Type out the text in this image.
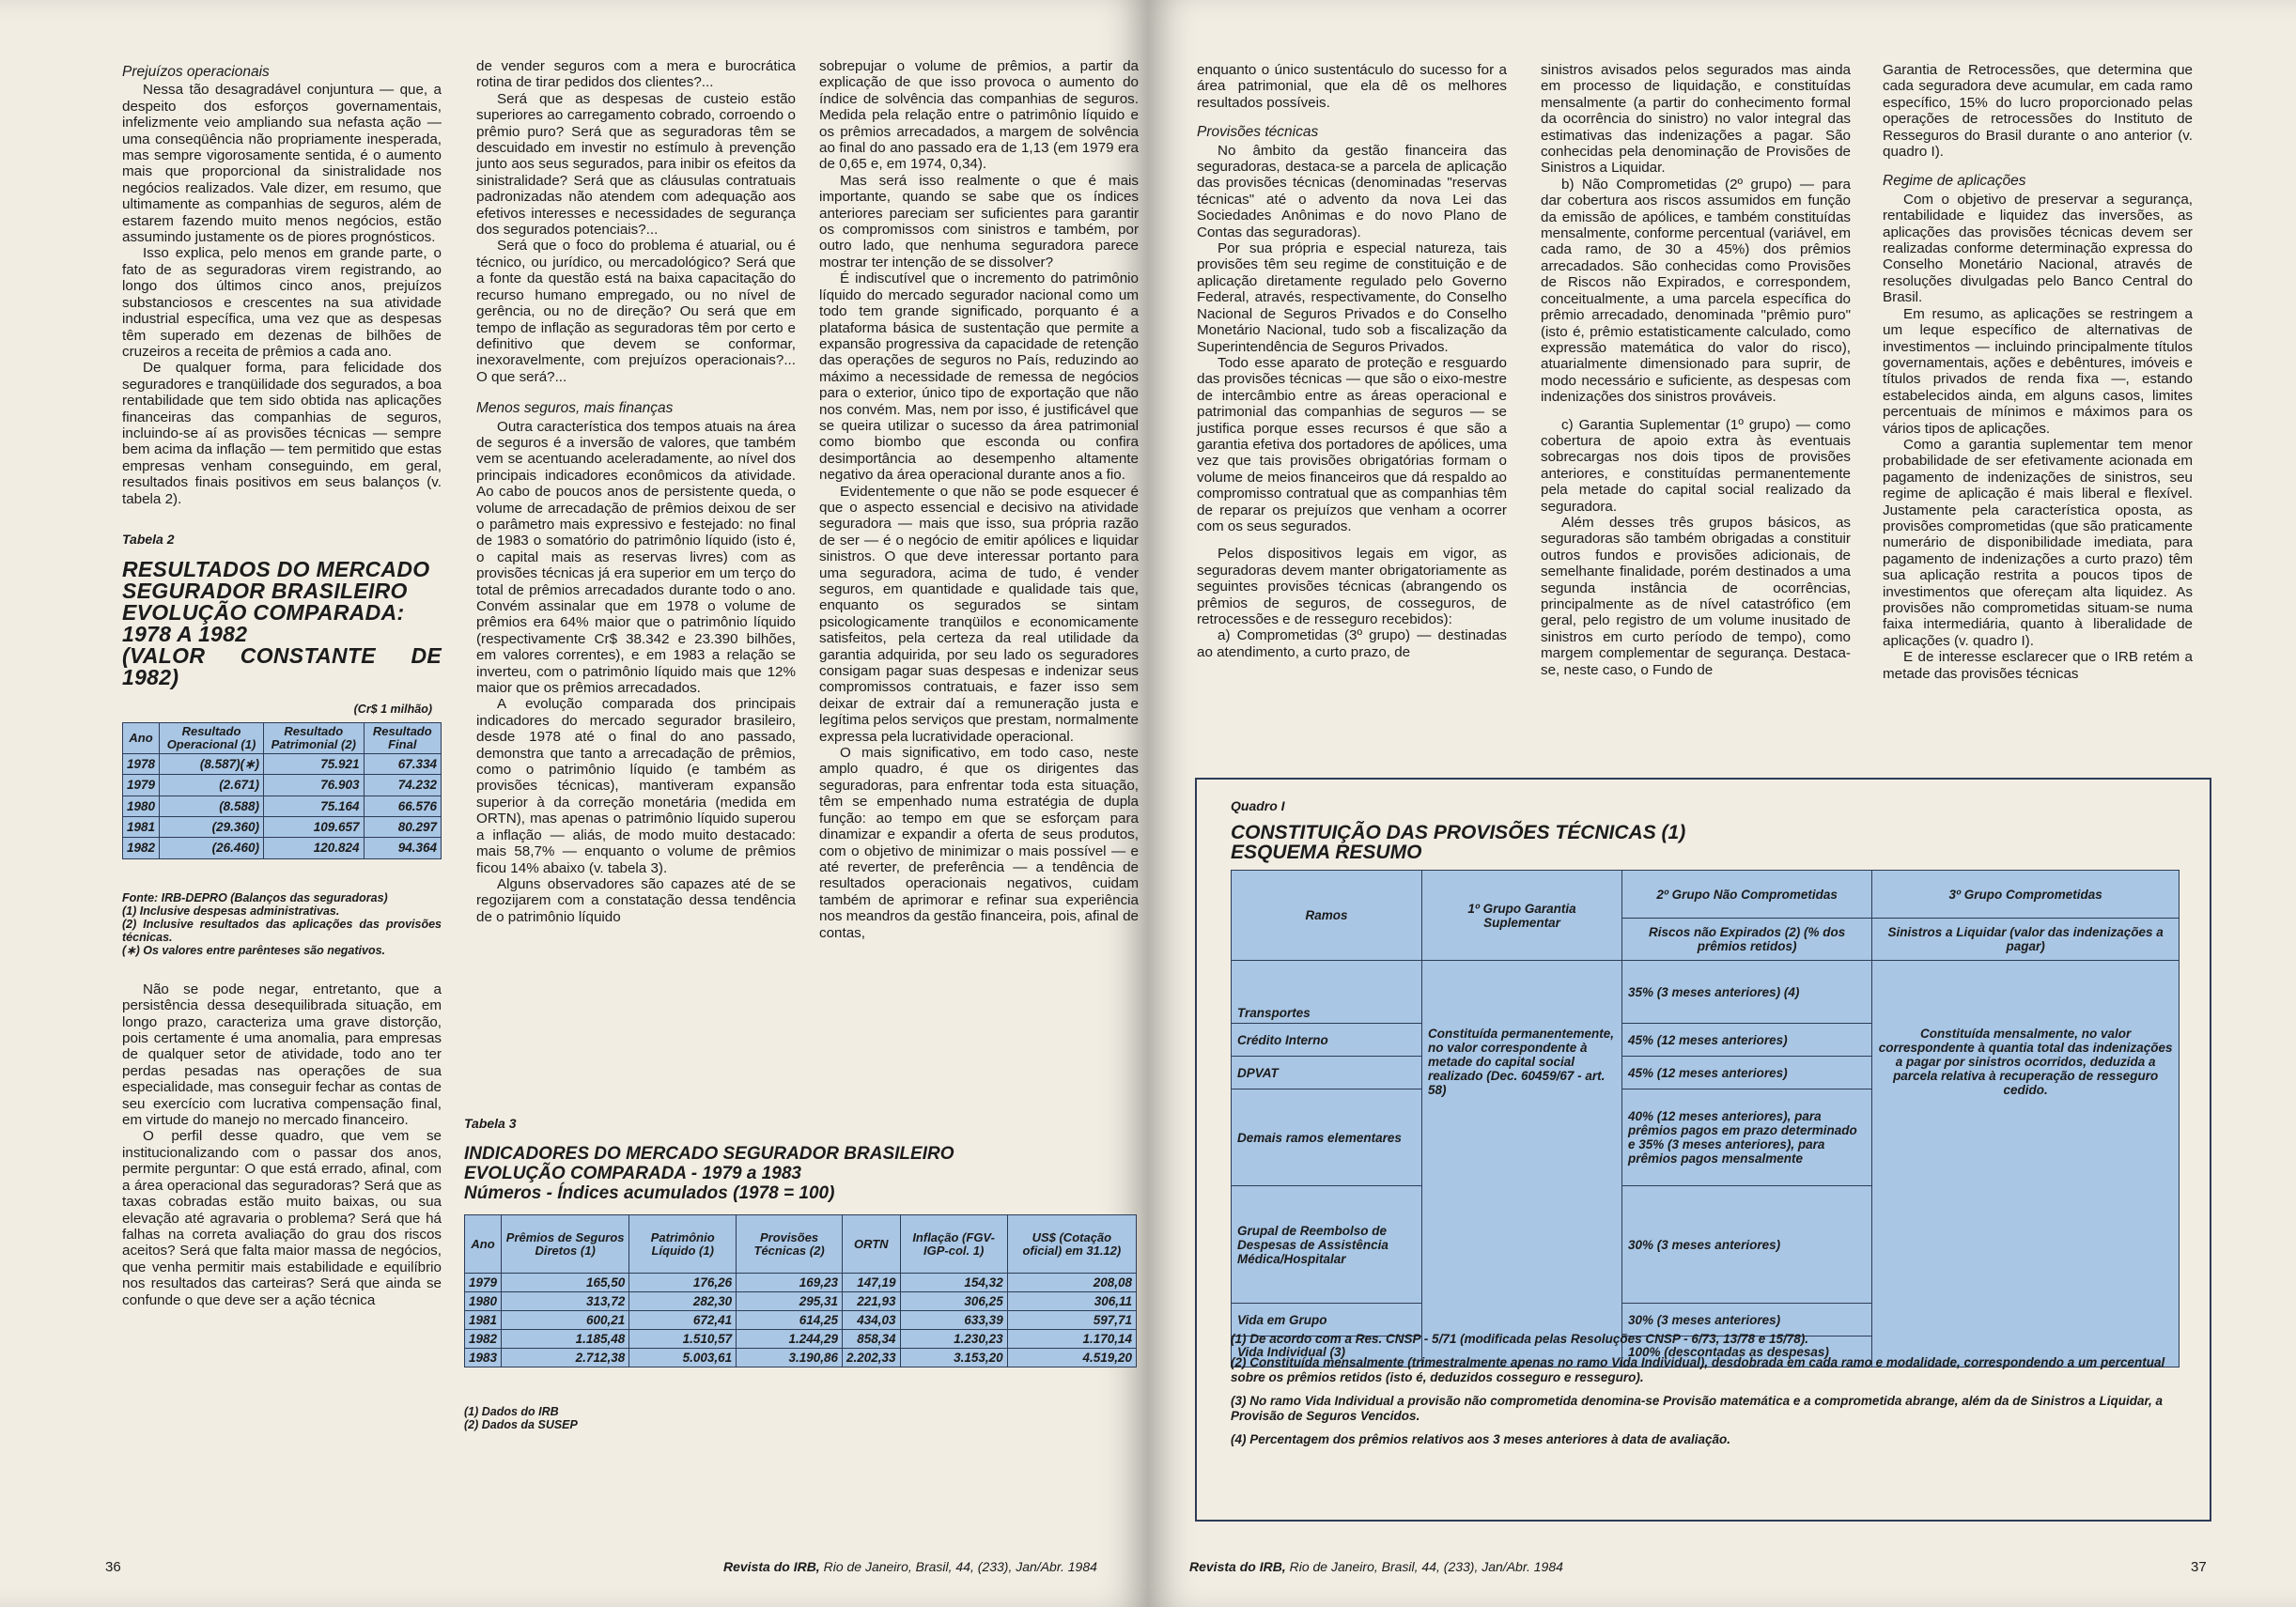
Prejuízos operacionais

Nessa tão desagradável conjuntura — que, a despeito dos esforços governamentais, infelizmente veio ampliando sua nefasta ação — uma conseqüência não propriamente inesperada, mas sempre vigorosamente sentida, é o aumento mais que proporcional da sinistralidade nos negócios realizados. Vale dizer, em resumo, que ultimamente as companhias de seguros, além de estarem fazendo muito menos negócios, estão assumindo justamente os de piores prognósticos.

Isso explica, pelo menos em grande parte, o fato de as seguradoras virem registrando, ao longo dos últimos cinco anos, prejuízos substanciosos e crescentes na sua atividade industrial específica, uma vez que as despesas têm superado em dezenas de bilhões de cruzeiros a receita de prêmios a cada ano.

De qualquer forma, para felicidade dos seguradores e tranqüilidade dos segurados, a boa rentabilidade que tem sido obtida nas aplicações financeiras das companhias de seguros, incluindo-se aí as provisões técnicas — sempre bem acima da inflação — tem permitido que estas empresas venham conseguindo, em geral, resultados finais positivos em seus balanços (v. tabela 2).

Tabela 2
RESULTADOS DO MERCADO
SEGURADOR BRASILEIRO
EVOLUÇÃO COMPARADA:
1978 A 1982
(VALOR CONSTANTE DE 1982)
(Cr$ 1 milhão)
Ano	Resultado Operacional (1)	Resultado Patrimonial (2)	Resultado Final
1978	(8.587)(∗)	75.921	67.334
1979	(2.671)	76.903	74.232
1980	(8.588)	75.164	66.576
1981	(29.360)	109.657	80.297
1982	(26.460)	120.824	94.364
Fonte: IRB-DEPRO (Balanços das seguradoras)
(1) Inclusive despesas administrativas.
(2) Inclusive resultados das aplicações das provisões técnicas.
(∗) Os valores entre parênteses são negativos.

Não se pode negar, entretanto, que a persistência dessa desequilibrada situação, em longo prazo, caracteriza uma grave distorção, pois certamente é uma anomalia, para empresas de qualquer setor de atividade, todo ano ter perdas pesadas nas operações de sua especialidade, mas conseguir fechar as contas de seu exercício com lucrativa compensação final, em virtude do manejo no mercado financeiro.

O perfil desse quadro, que vem se institucionalizando com o passar dos anos, permite perguntar: O que está errado, afinal, com a área operacional das seguradoras? Será que as taxas cobradas estão muito baixas, ou sua elevação até agravaria o problema? Será que há falhas na correta avaliação do grau dos riscos aceitos? Será que falta maior massa de negócios, que venha permitir mais estabilidade e equilíbrio nos resultados das carteiras? Será que ainda se confunde o que deve ser a ação técnica

de vender seguros com a mera e burocrática rotina de tirar pedidos dos clientes?...

Será que as despesas de custeio estão superiores ao carregamento cobrado, corroendo o prêmio puro? Será que as seguradoras têm se descuidado em investir no estímulo à prevenção junto aos seus segurados, para inibir os efeitos da sinistralidade? Será que as cláusulas contratuais padronizadas não atendem com adequação aos efetivos interesses e necessidades de segurança dos segurados potenciais?...

Será que o foco do problema é atuarial, ou é técnico, ou jurídico, ou mercadológico? Será que a fonte da questão está na baixa capacitação do recurso humano empregado, ou no nível de gerência, ou no de direção? Ou será que em tempo de inflação as seguradoras têm por certo e definitivo que devem se conformar, inexoravelmente, com prejuízos operacionais?... O que será?...

Menos seguros, mais finanças

Outra característica dos tempos atuais na área de seguros é a inversão de valores, que também vem se acentuando aceleradamente, ao nível dos principais indicadores econômicos da atividade. Ao cabo de poucos anos de persistente queda, o volume de arrecadação de prêmios deixou de ser o parâmetro mais expressivo e festejado: no final de 1983 o somatório do patrimônio líquido (isto é, o capital mais as reservas livres) com as provisões técnicas já era superior em um terço do total de prêmios arrecadados durante todo o ano. Convém assinalar que em 1978 o volume de prêmios era 64% maior que o patrimônio líquido (respectivamente Cr$ 38.342 e 23.390 bilhões, em valores correntes), e em 1983 a relação se inverteu, com o patrimônio líquido mais que 12% maior que os prêmios arrecadados.

A evolução comparada dos principais indicadores do mercado segurador brasileiro, desde 1978 até o final do ano passado, demonstra que tanto a arrecadação de prêmios, como o patrimônio líquido (e também as provisões técnicas), mantiveram expansão superior à da correção monetária (medida em ORTN), mas apenas o patrimônio líquido superou a inflação — aliás, de modo muito destacado: mais 58,7% — enquanto o volume de prêmios ficou 14% abaixo (v. tabela 3).

Alguns observadores são capazes até de se regozijarem com a constatação dessa tendência de o patrimônio líquido

sobrepujar o volume de prêmios, a partir da explicação de que isso provoca o aumento do índice de solvência das companhias de seguros. Medida pela relação entre o patrimônio líquido e os prêmios arrecadados, a margem de solvência ao final do ano passado era de 1,13 (em 1979 era de 0,65 e, em 1974, 0,34).

Mas será isso realmente o que é mais importante, quando se sabe que os índices anteriores pareciam ser suficientes para garantir os compromissos com sinistros e também, por outro lado, que nenhuma seguradora parece mostrar ter intenção de se dissolver?

É indiscutível que o incremento do patrimônio líquido do mercado segurador nacional como um todo tem grande significado, porquanto é a plataforma básica de sustentação que permite a expansão progressiva da capacidade de retenção das operações de seguros no País, reduzindo ao máximo a necessidade de remessa de negócios para o exterior, único tipo de exportação que não nos convém. Mas, nem por isso, é justificável que se queira utilizar o sucesso da área patrimonial como biombo que esconda ou confira desimportância ao desempenho altamente negativo da área operacional durante anos a fio.

Evidentemente o que não se pode esquecer é que o aspecto essencial e decisivo na atividade seguradora — mais que isso, sua própria razão de ser — é o negócio de emitir apólices e liquidar sinistros. O que deve interessar portanto para uma seguradora, acima de tudo, é vender seguros, em quantidade e qualidade tais que, enquanto os segurados se sintam psicologicamente tranqüilos e economicamente satisfeitos, pela certeza da real utilidade da garantia adquirida, por seu lado os seguradores consigam pagar suas despesas e indenizar seus compromissos contratuais, e fazer isso sem deixar de extrair daí a remuneração justa e legítima pelos serviços que prestam, normalmente expressa pela lucratividade operacional.

O mais significativo, em todo caso, neste amplo quadro, é que os dirigentes das seguradoras, para enfrentar toda esta situação, têm se empenhado numa estratégia de dupla função: ao tempo em que se esforçam para dinamizar e expandir a oferta de seus produtos, com o objetivo de minimizar o mais possível — e até reverter, de preferência — a tendência de resultados operacionais negativos, cuidam também de aprimorar e refinar sua experiência nos meandros da gestão financeira, pois, afinal de contas,

Tabela 3
INDICADORES DO MERCADO SEGURADOR BRASILEIRO
EVOLUÇÃO COMPARADA - 1979 a 1983
Números - Índices acumulados (1978 = 100)
Ano	Prêmios de Seguros Diretos (1)	Patrimônio Líquido (1)	Provisões Técnicas (2)	ORTN	Inflação (FGV-IGP-col. 1)	US$ (Cotação oficial) em 31.12)
1979	165,50	176,26	169,23	147,19	154,32	208,08
1980	313,72	282,30	295,31	221,93	306,25	306,11
1981	600,21	672,41	614,25	434,03	633,39	597,71
1982	1.185,48	1.510,57	1.244,29	858,34	1.230,23	1.170,14
1983	2.712,38	5.003,61	3.190,86	2.202,33	3.153,20	4.519,20
(1) Dados do IRB
(2) Dados da SUSEP
36	Revista do IRB, Rio de Janeiro, Brasil, 44, (233), Jan/Abr. 1984

enquanto o único sustentáculo do sucesso for a área patrimonial, que ela dê os melhores resultados possíveis.

Provisões técnicas

No âmbito da gestão financeira das seguradoras, destaca-se a parcela de aplicação das provisões técnicas (denominadas "reservas técnicas" até o advento da nova Lei das Sociedades Anônimas e do novo Plano de Contas das seguradoras).

Por sua própria e especial natureza, tais provisões têm seu regime de constituição e de aplicação diretamente regulado pelo Governo Federal, através, respectivamente, do Conselho Nacional de Seguros Privados e do Conselho Monetário Nacional, tudo sob a fiscalização da Superintendência de Seguros Privados.

Todo esse aparato de proteção e resguardo das provisões técnicas — que são o eixo-mestre de intercâmbio entre as áreas operacional e patrimonial das companhias de seguros — se justifica porque esses recursos é que são a garantia efetiva dos portadores de apólices, uma vez que tais provisões obrigatórias formam o volume de meios financeiros que dá respaldo ao compromisso contratual que as companhias têm de reparar os prejuízos que venham a ocorrer com os seus segurados.

Pelos dispositivos legais em vigor, as seguradoras devem manter obrigatoriamente as seguintes provisões técnicas (abrangendo os prêmios de seguros, de cosseguros, de retrocessões e de resseguro recebidos):

a) Comprometidas (3º grupo) — destinadas ao atendimento, a curto prazo, de

sinistros avisados pelos segurados mas ainda em processo de liquidação, e constituídas mensalmente (a partir do conhecimento formal da ocorrência do sinistro) no valor integral das estimativas das indenizações a pagar. São conhecidas pela denominação de Provisões de Sinistros a Liquidar.

b) Não Comprometidas (2º grupo) — para dar cobertura aos riscos assumidos em função da emissão de apólices, e também constituídas mensalmente, conforme percentual (variável, em cada ramo, de 30 a 45%) dos prêmios arrecadados. São conhecidas como Provisões de Riscos não Expirados, e correspondem, conceitualmente, a uma parcela específica do prêmio arrecadado, denominada "prêmio puro" (isto é, prêmio estatisticamente calculado, como expressão matemática do valor do risco), atuarialmente dimensionado para suprir, de modo necessário e suficiente, as despesas com indenizações dos sinistros prováveis.

c) Garantia Suplementar (1º grupo) — como cobertura de apoio extra às eventuais sobrecargas nos dois tipos de provisões anteriores, e constituídas permanentemente pela metade do capital social realizado da seguradora.

Além desses três grupos básicos, as seguradoras são também obrigadas a constituir outros fundos e provisões adicionais, de semelhante finalidade, porém destinados a uma segunda instância de ocorrências, principalmente as de nível catastrófico (em geral, pelo registro de um volume inusitado de sinistros em curto período de tempo), como margem complementar de segurança. Destaca-se, neste caso, o Fundo de

Garantia de Retrocessões, que determina que cada seguradora deve acumular, em cada ramo específico, 15% do lucro proporcionado pelas operações de retrocessões do Instituto de Resseguros do Brasil durante o ano anterior (v. quadro I).

Regime de aplicações

Com o objetivo de preservar a segurança, rentabilidade e liquidez das inversões, as aplicações das provisões técnicas devem ser realizadas conforme determinação expressa do Conselho Monetário Nacional, através de resoluções divulgadas pelo Banco Central do Brasil.

Em resumo, as aplicações se restringem a um leque específico de alternativas de investimentos — incluindo principalmente títulos governamentais, ações e debêntures, imóveis e títulos privados de renda fixa —, estando estabelecidos ainda, em alguns casos, limites percentuais de mínimos e máximos para os vários tipos de aplicações.

Como a garantia suplementar tem menor probabilidade de ser efetivamente acionada em pagamento de indenizações de sinistros, seu regime de aplicação é mais liberal e flexível. Justamente pela característica oposta, as provisões comprometidas (que são praticamente numerário de disponibilidade imediata, para pagamento de indenizações a curto prazo) têm sua aplicação restrita a poucos tipos de investimentos que ofereçam alta liquidez. As provisões não comprometidas situam-se numa faixa intermediária, quanto à liberalidade de aplicações (v. quadro I).

E de interesse esclarecer que o IRB retém a metade das provisões técnicas

Quadro I
CONSTITUIÇÃO DAS PROVISÕES TÉCNICAS (1)
ESQUEMA RESUMO
Ramos	1º Grupo Garantia Suplementar	2º Grupo Não Comprometidas	3º Grupo Comprometidas
		Riscos não Expirados (2) (% dos prêmios retidos)	Sinistros a Liquidar (valor das indenizações a pagar)
Transportes	Constituída permanentemente, no valor correspondente à metade do capital social realizado (Dec. 60459/67 - art. 58)	35% (3 meses anteriores) (4)	Constituída mensalmente, no valor correspondente à quantia total das indenizações a pagar por sinistros ocorridos, deduzida a parcela relativa à recuperação de resseguro cedido.
Crédito Interno		45% (12 meses anteriores)	
DPVAT		45% (12 meses anteriores)	
Demais ramos elementares		40% (12 meses anteriores), para prêmios pagos em prazo determinado e 35% (3 meses anteriores), para prêmios pagos mensalmente	
Grupal de Reembolso de Despesas de Assistência Médica/Hospitalar		30% (3 meses anteriores)	
Vida em Grupo		30% (3 meses anteriores)	
Vida Individual (3)		100% (descontadas as despesas)	
(1) De acordo com a Res. CNSP - 5/71 (modificada pelas Resoluções CNSP - 6/73, 13/78 e 15/78).
(2) Constituída mensalmente (trimestralmente apenas no ramo Vida Individual), desdobrada em cada ramo e modalidade, correspondendo a um percentual sobre os prêmios retidos (isto é, deduzidos cosseguro e resseguro).
(3) No ramo Vida Individual a provisão não comprometida denomina-se Provisão matemática e a comprometida abrange, além da de Sinistros a Liquidar, a Provisão de Seguros Vencidos.
(4) Percentagem dos prêmios relativos aos 3 meses anteriores à data de avaliação.
Revista do IRB, Rio de Janeiro, Brasil, 44, (233), Jan/Abr. 1984	37
